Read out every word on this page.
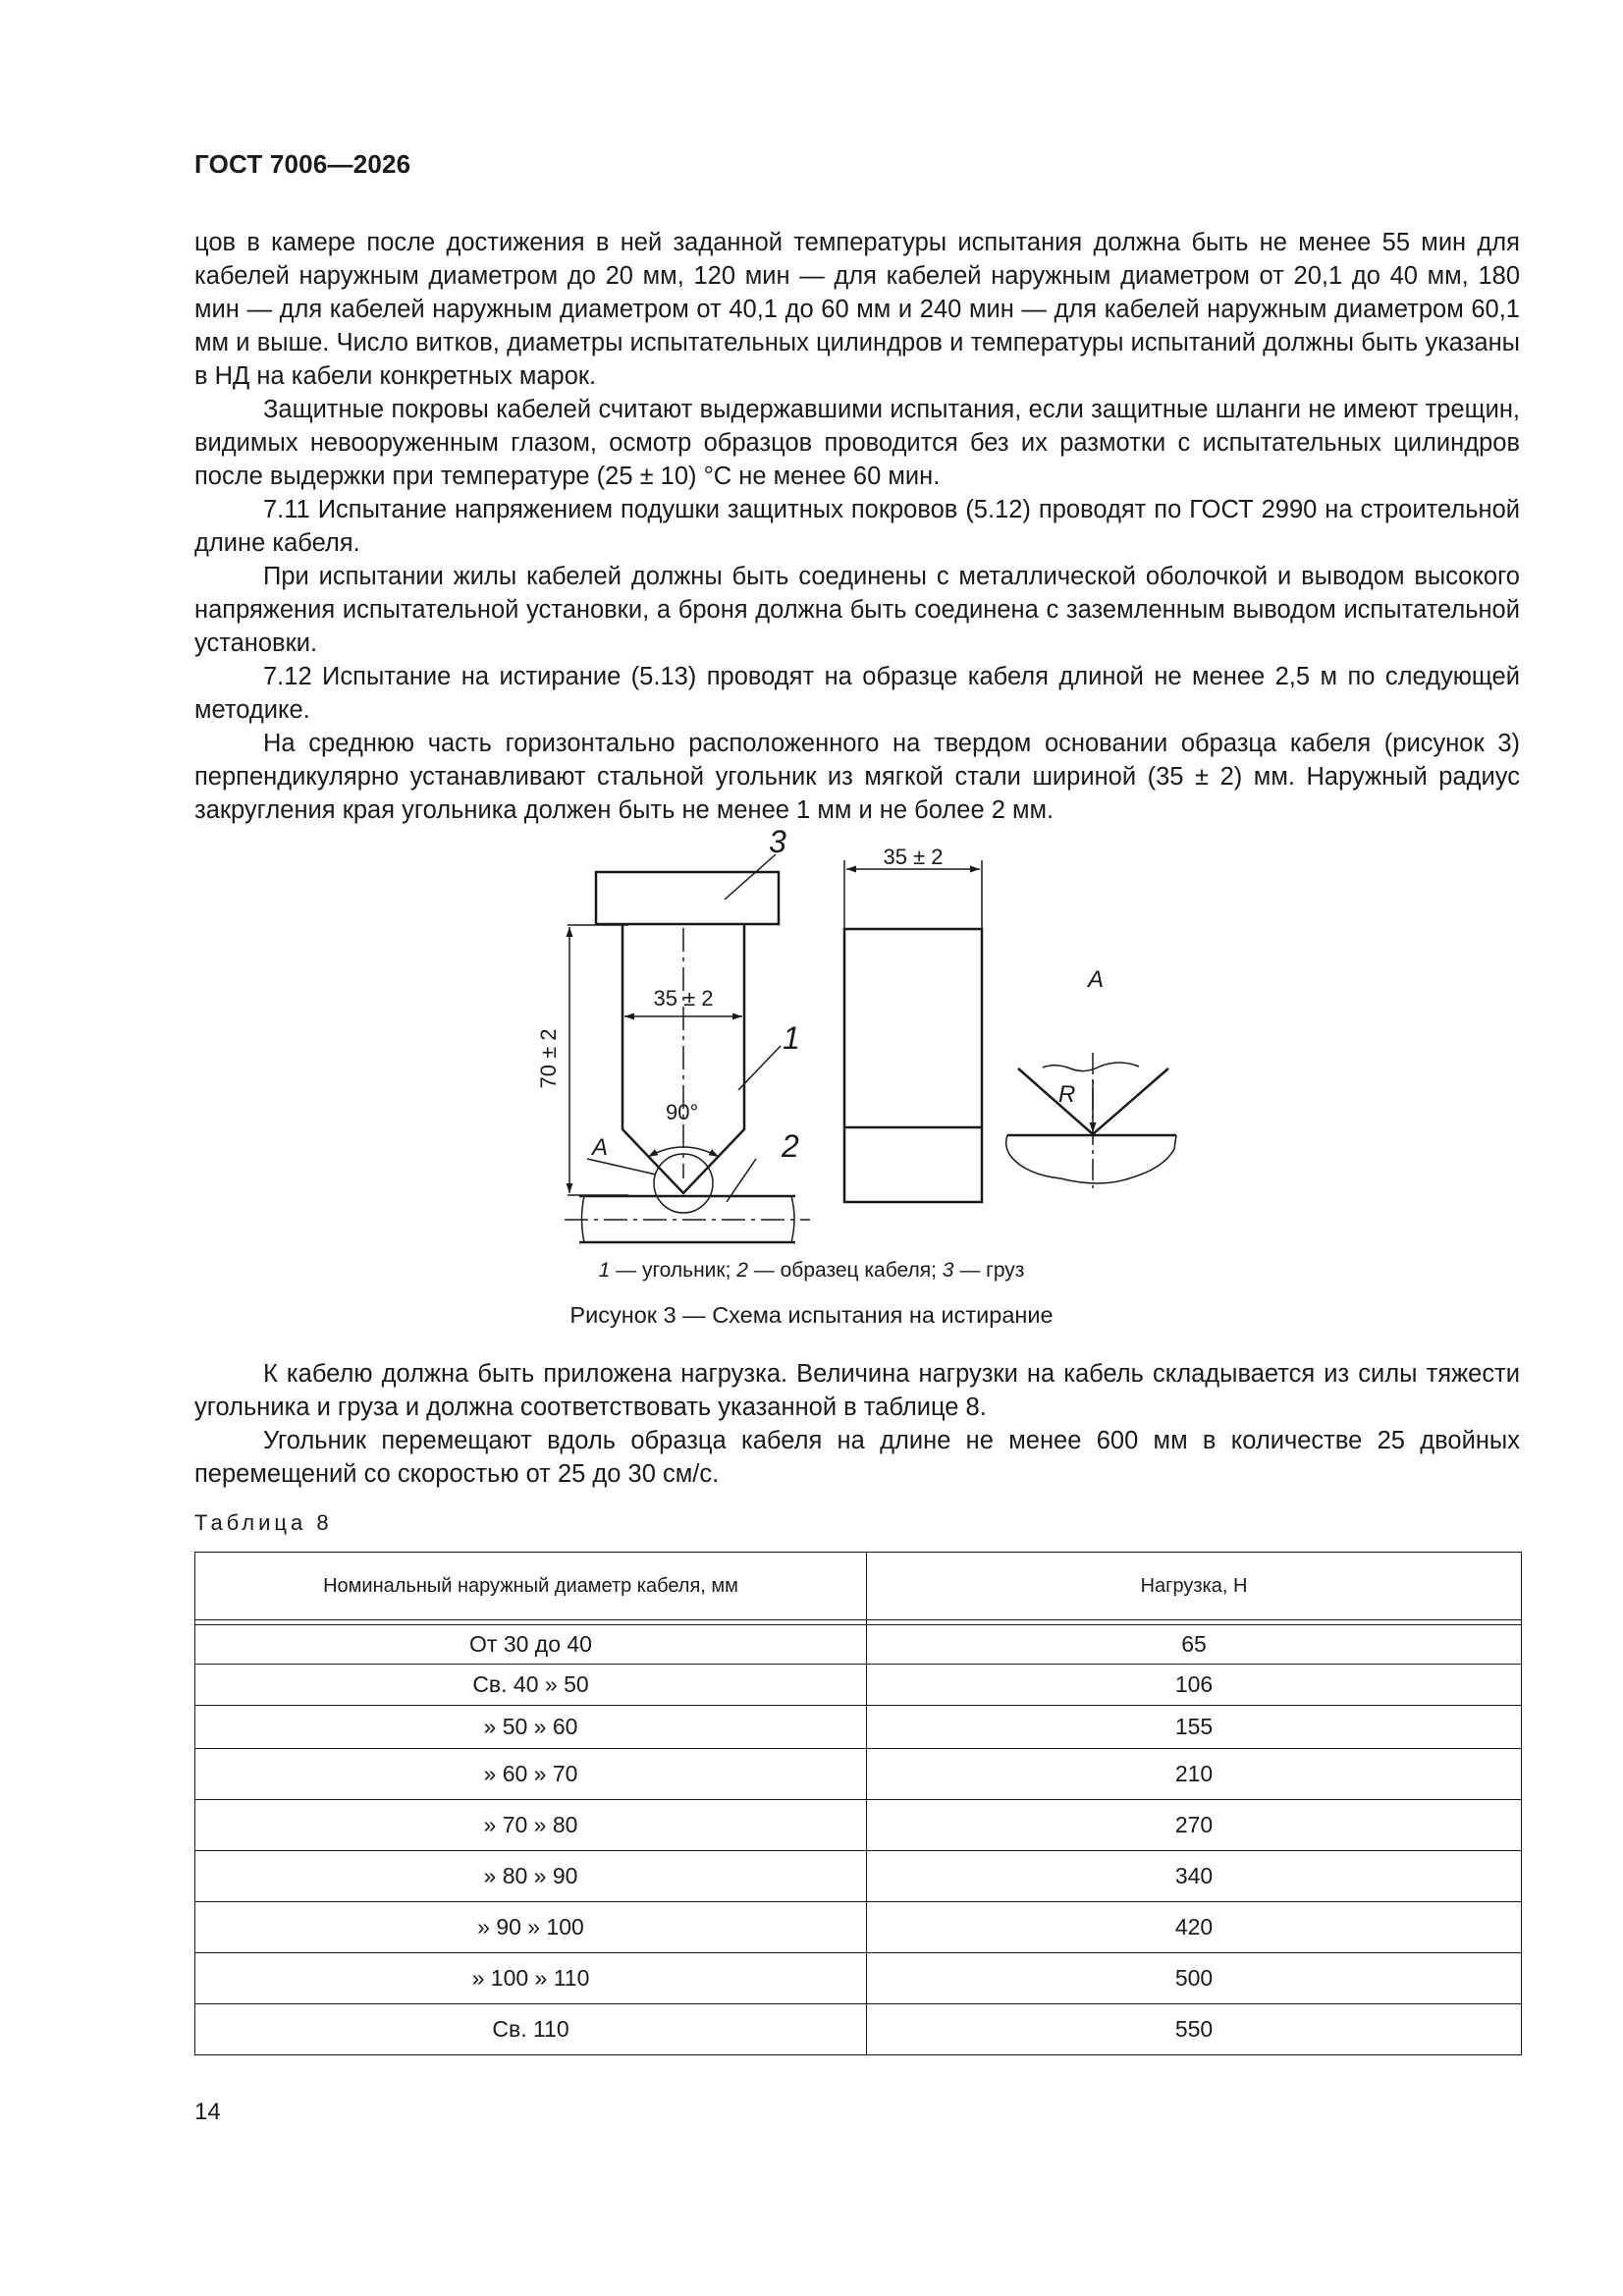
ГОСТ 7006—2026

цов в камере после достижения в ней заданной температуры испытания должна быть не менее 55 мин для кабелей наружным диаметром до 20 мм, 120 мин — для кабелей наружным диаметром от 20,1 до 40 мм, 180 мин — для кабелей наружным диаметром от 40,1 до 60 мм и 240 мин — для кабелей наружным диаметром 60,1 мм и выше. Число витков, диаметры испытательных цилиндров и температуры испытаний должны быть указаны в НД на кабели конкретных марок.

Защитные покровы кабелей считают выдержавшими испытания, если защитные шланги не имеют трещин, видимых невооруженным глазом, осмотр образцов проводится без их размотки с испытательных цилиндров после выдержки при температуре (25 ± 10) °С не менее 60 мин.

7.11 Испытание напряжением подушки защитных покровов (5.12) проводят по ГОСТ 2990 на строительной длине кабеля.

При испытании жилы кабелей должны быть соединены с металлической оболочкой и выводом высокого напряжения испытательной установки, а броня должна быть соединена с заземленным выводом испытательной установки.

7.12 Испытание на истирание (5.13) проводят на образце кабеля длиной не менее 2,5 м по следующей методике.

На среднюю часть горизонтально расположенного на твердом основании образца кабеля (рисунок 3) перпендикулярно устанавливают стальной угольник из мягкой стали шириной (35 ± 2) мм. Наружный радиус закругления края угольника должен быть не менее 1 мм и не более 2 мм.

3
1
2
35 ± 2
35 ± 2
70 ± 2
90°
A
A
R
1 — угольник; 2 — образец кабеля; 3 — груз
Рисунок 3 — Схема испытания на истирание

К кабелю должна быть приложена нагрузка. Величина нагрузки на кабель складывается из силы тяжести угольника и груза и должна соответствовать указанной в таблице 8.

Угольник перемещают вдоль образца кабеля на длине не менее 600 мм в количестве 25 двойных перемещений со скоростью от 25 до 30 см/с.

Таблица 8
Номинальный наружный диаметр кабеля, мм	Нагрузка, Н

От 30 до 40	65
Св. 40 » 50	106
» 50 » 60	155
» 60 » 70	210
» 70 » 80	270
» 80 » 90	340
» 90 » 100	420
» 100 » 110	500
Св. 110	550
14
